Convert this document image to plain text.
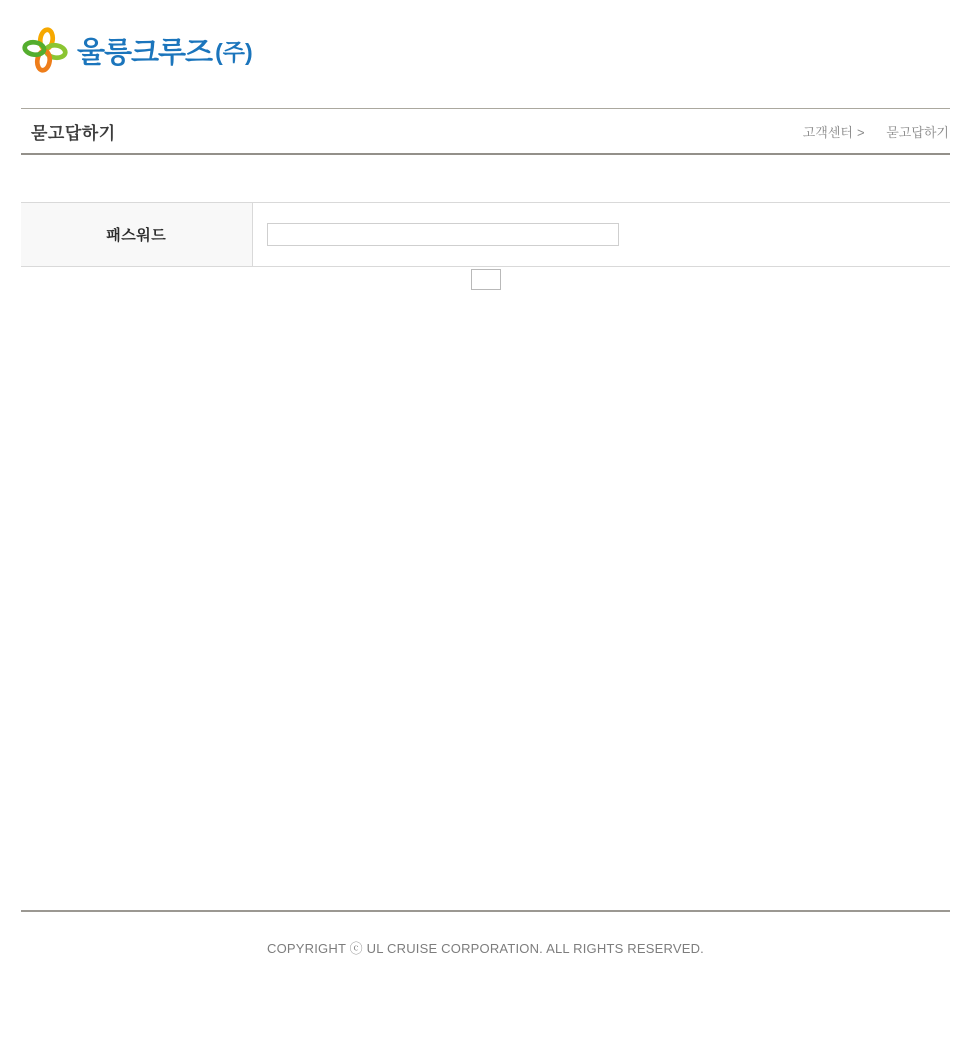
울릉크루즈 (주)
묻고답하기	고객센터 > 묻고답하기
패스워드	

COPYRIGHT ⓒ UL CRUISE CORPORATION. ALL RIGHTS RESERVED.
